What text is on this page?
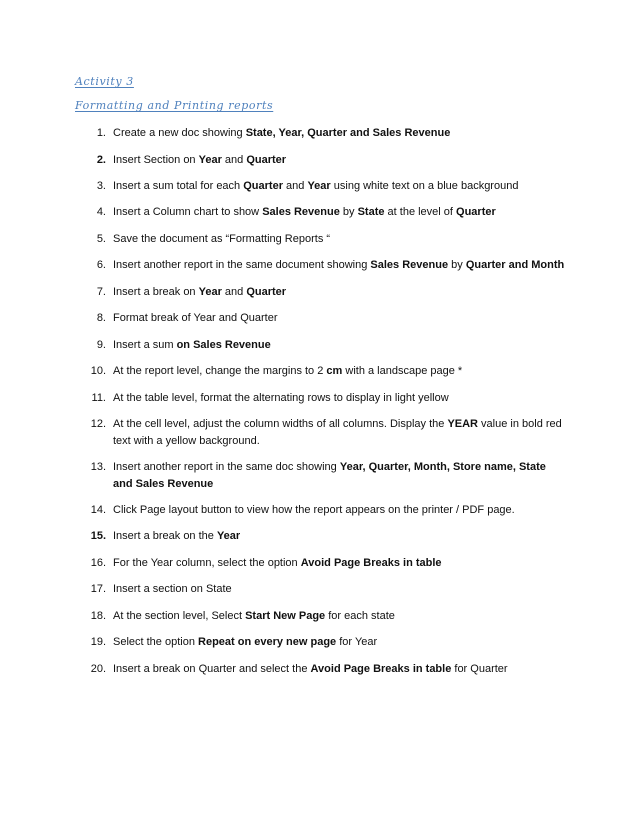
Activity 3
Formatting and Printing reports
1. Create a new doc showing State, Year, Quarter and Sales Revenue
2. Insert Section on Year and Quarter
3. Insert a sum total for each Quarter and Year using white text on a blue background
4. Insert a Column chart to show Sales Revenue by State at the level of Quarter
5. Save the document as “Formatting Reports “
6. Insert another report in the same document showing Sales Revenue by Quarter and Month
7. Insert a break on Year and Quarter
8. Format break of Year and Quarter
9. Insert a sum on Sales Revenue
10. At the report level, change the margins to 2 cm with a landscape page *
11. At the table level, format the alternating rows to display in light yellow
12. At the cell level, adjust the column widths of all columns. Display the YEAR value in bold red text with a yellow background.
13. Insert another report in the same doc showing Year, Quarter, Month, Store name, State and Sales Revenue
14. Click Page layout button to view how the report appears on the printer / PDF page.
15. Insert a break on the Year
16. For the Year column, select the option Avoid Page Breaks in table
17. Insert a section on State
18. At the section level, Select Start New Page for each state
19. Select the option Repeat on every new page for Year
20. Insert a break on Quarter and select the Avoid Page Breaks in table for Quarter
